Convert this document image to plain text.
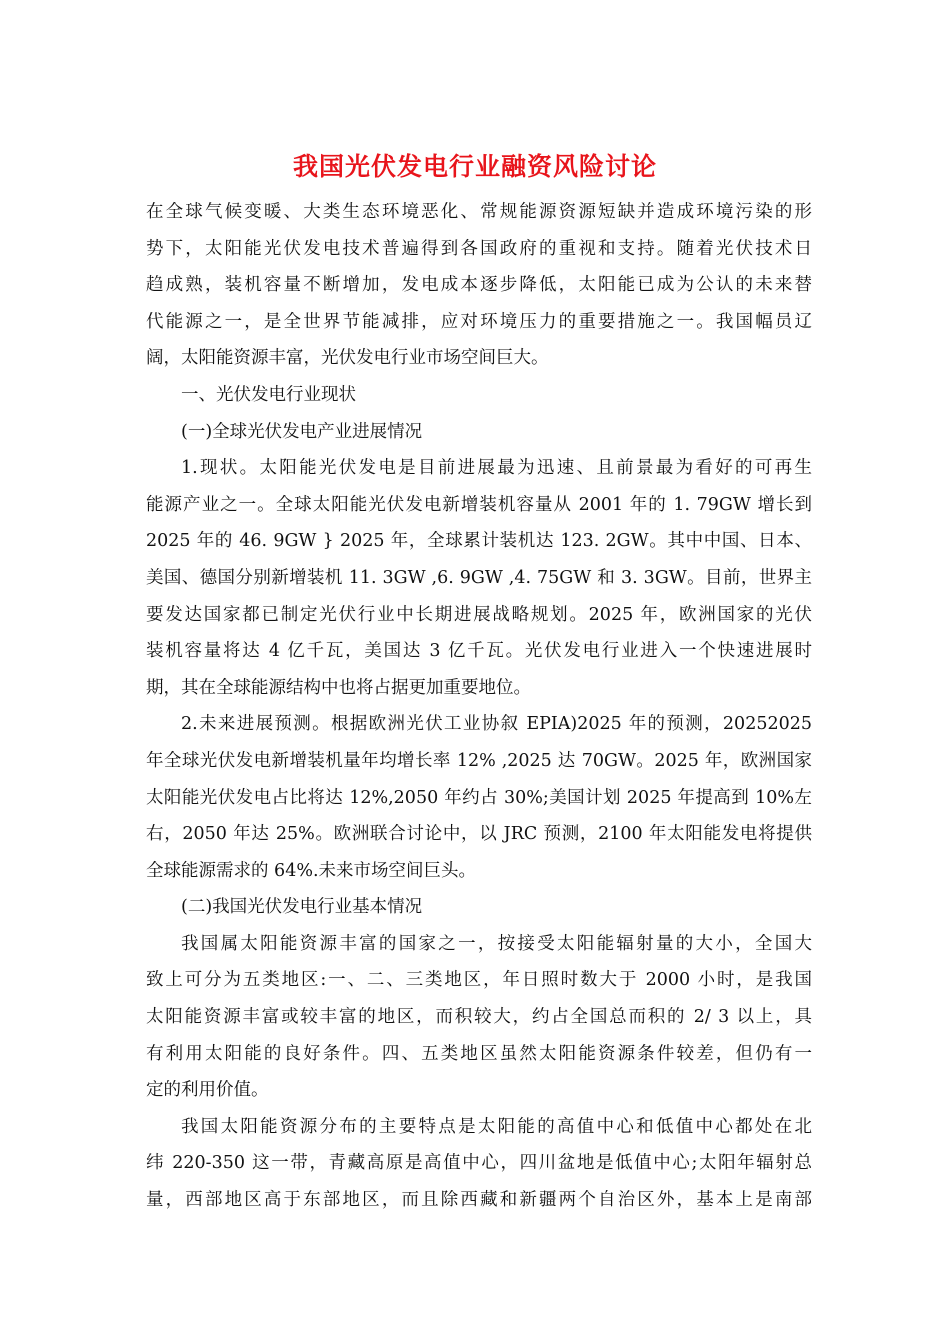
我国光伏发电行业融资风险讨论
在全球气候变暖、大类生态环境恶化、常规能源资源短缺并造成环境污染的形
势下，太阳能光伏发电技术普遍得到各国政府的重视和支持。随着光伏技术日
趋成熟，装机容量不断增加，发电成本逐步降低，太阳能已成为公认的未来替
代能源之一，是全世界节能减排，应对环境压力的重要措施之一。我国幅员辽
阔，太阳能资源丰富，光伏发电行业市场空间巨大。
一、光伏发电行业现状
(一)全球光伏发电产业进展情况
1.现状。太阳能光伏发电是目前进展最为迅速、且前景最为看好的可再生
能源产业之一。全球太阳能光伏发电新增装机容量从 2001 年的 1. 79GW 增长到
2025 年的 46. 9GW } 2025 年，全球累计装机达 123. 2GW。其中中国、日本、
美国、德国分别新增装机 11. 3GW ,6. 9GW ,4. 75GW 和 3. 3GW。目前，世界主
要发达国家都已制定光伏行业中长期进展战略规划。2025 年，欧洲国家的光伏
装机容量将达 4 亿千瓦，美国达 3 亿千瓦。光伏发电行业进入一个快速进展时
期，其在全球能源结构中也将占据更加重要地位。
2.未来进展预测。根据欧洲光伏工业协叙 EPIA)2025 年的预测，20252025
年全球光伏发电新增装机量年均增长率 12% ,2025 达 70GW。2025 年，欧洲国家
太阳能光伏发电占比将达 12%,2050 年约占 30%;美国计划 2025 年提高到 10%左
右，2050 年达 25%。欧洲联合讨论中，以 JRC 预测，2100 年太阳能发电将提供
全球能源需求的 64%.未来市场空间巨头。
(二)我国光伏发电行业基本情况
我国属太阳能资源丰富的国家之一，按接受太阳能辐射量的大小，全国大
致上可分为五类地区:一、二、三类地区，年日照时数大于 2000 小时，是我国
太阳能资源丰富或较丰富的地区，而积较大，约占全国总而积的 2/ 3 以上，具
有利用太阳能的良好条件。四、五类地区虽然太阳能资源条件较差，但仍有一
定的利用价值。
我国太阳能资源分布的主要特点是太阳能的高值中心和低值中心都处在北
纬 220-350 这一带，青藏高原是高值中心，四川盆地是低值中心;太阳年辐射总
量，西部地区高于东部地区，而且除西藏和新疆两个自治区外，基本上是南部
